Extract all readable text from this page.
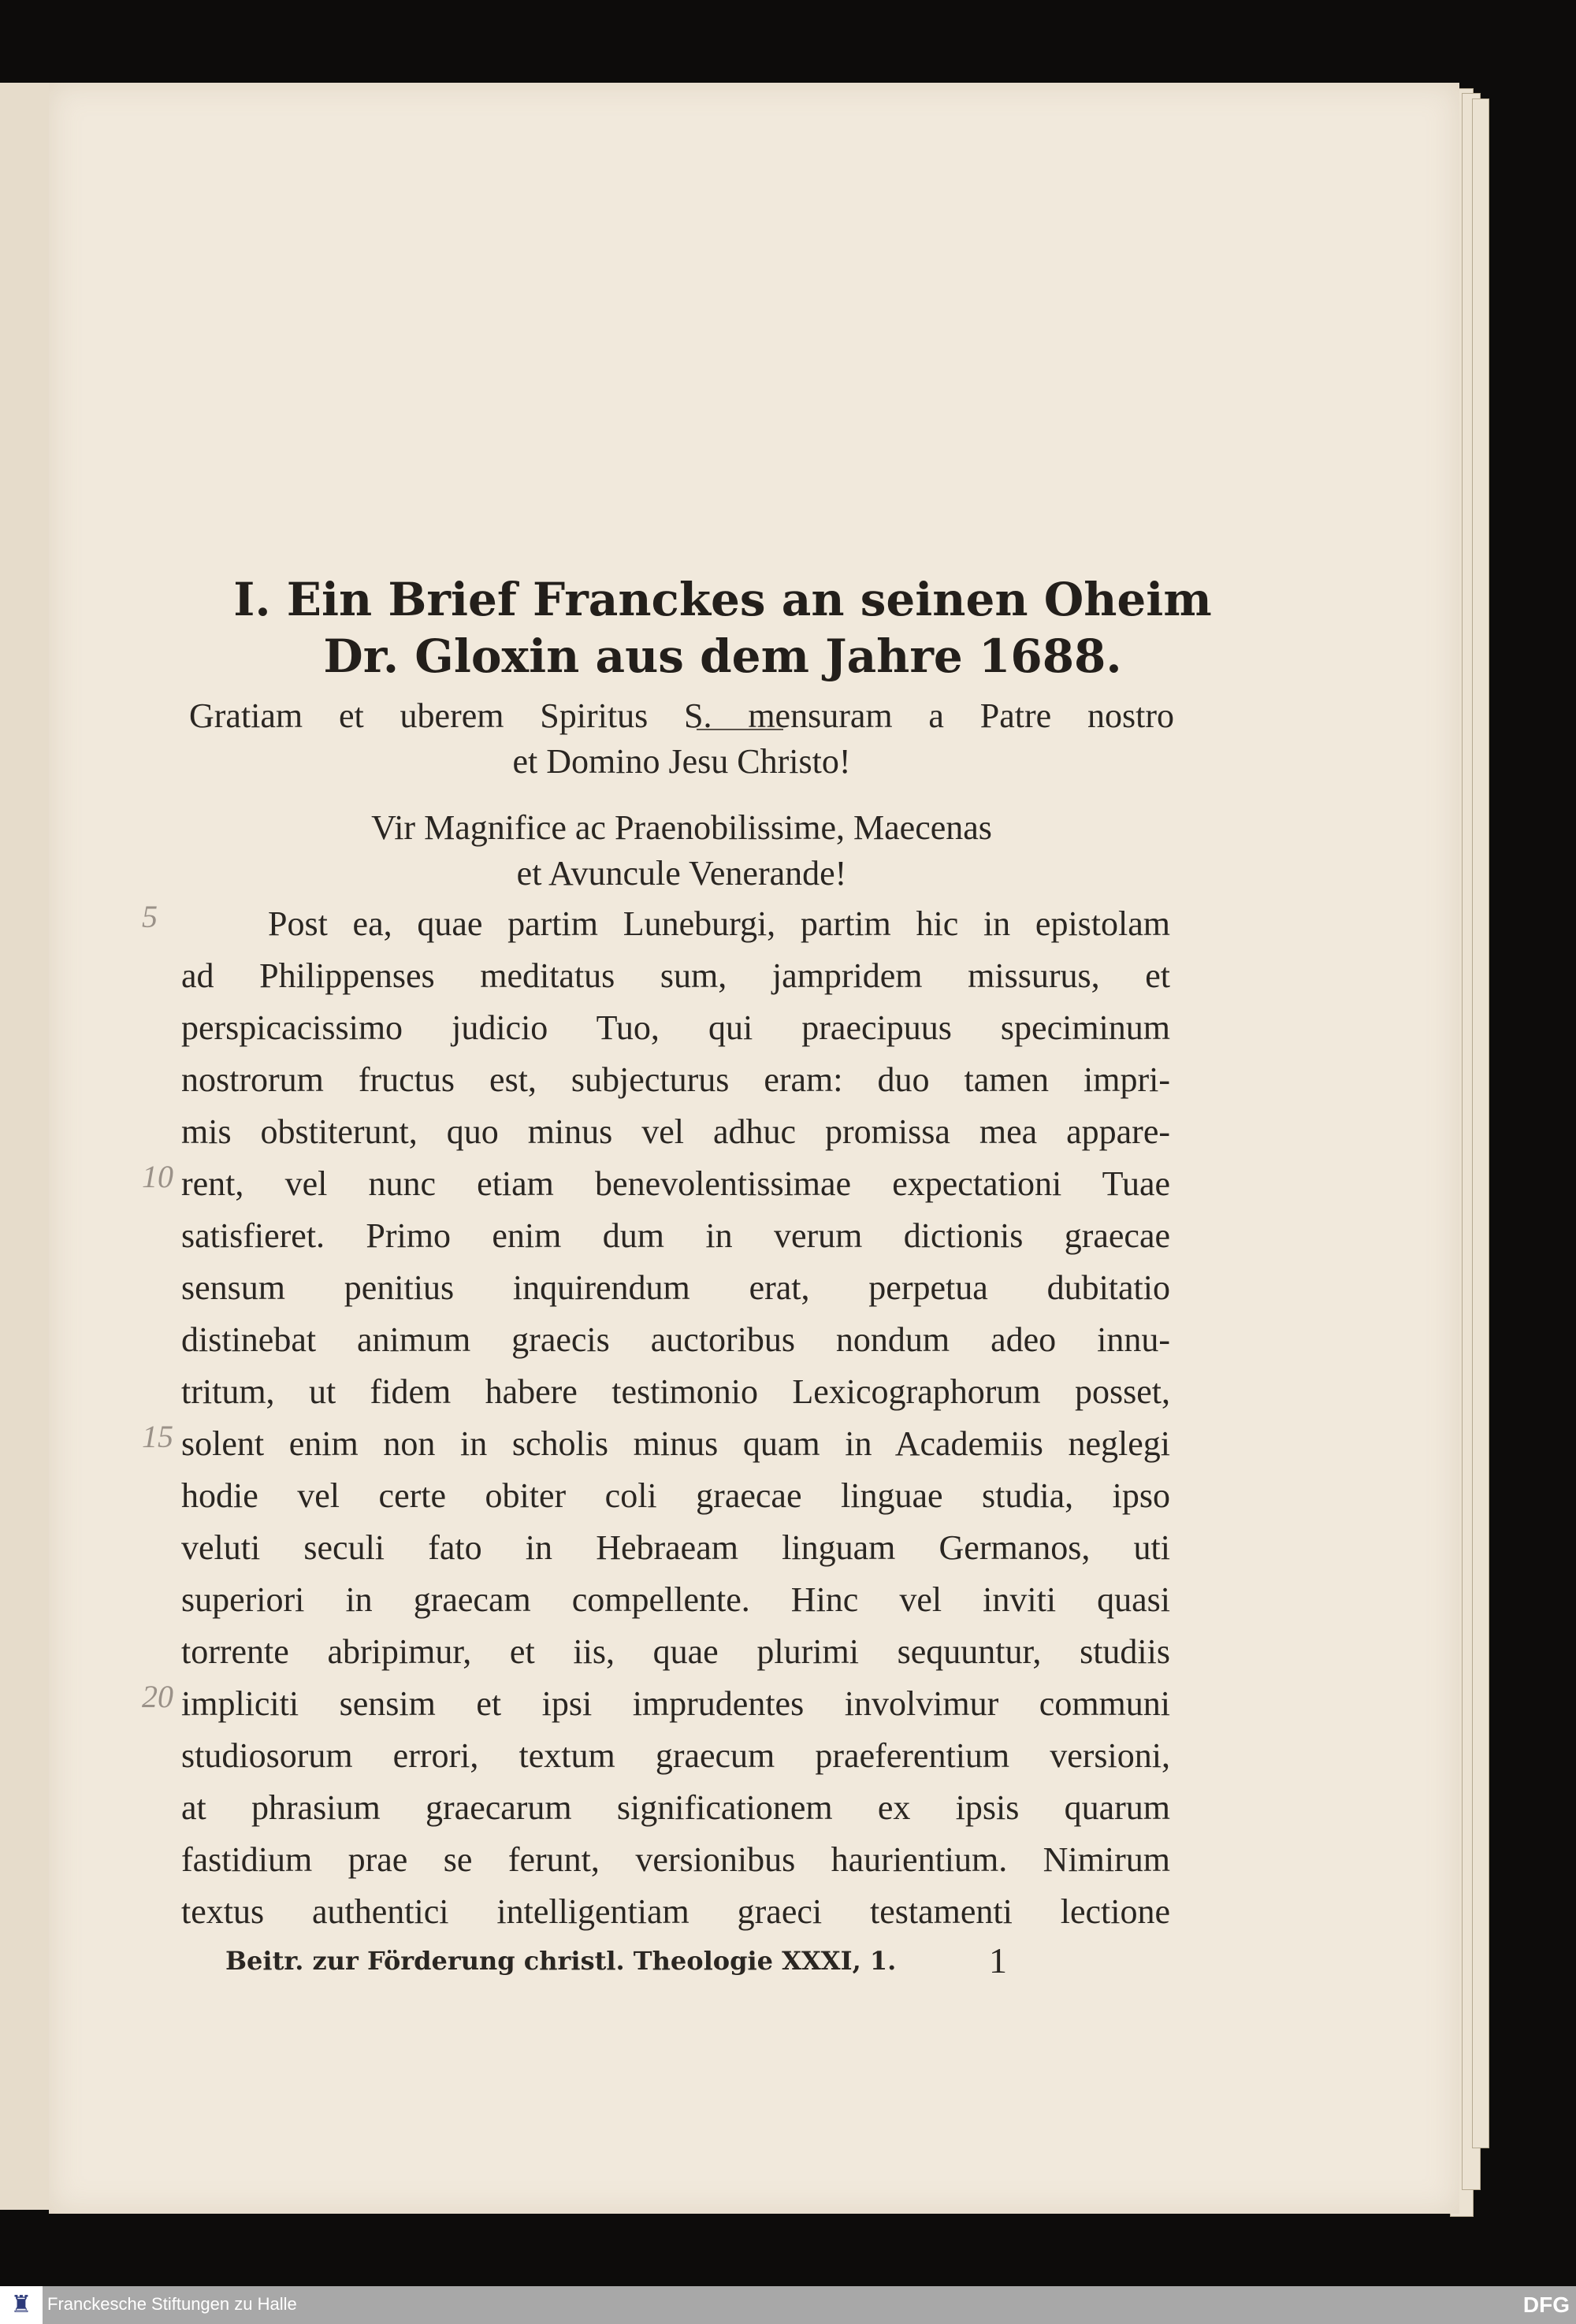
I. Ein Brief Franckes an seinen Oheim
Dr. Gloxin aus dem Jahre 1688.
Gratiam et uberem Spiritus S. mensuram a Patre nostro
et Domino Jesu Christo!
Vir Magnifice ac Praenobilissime, Maecenas
et Avuncule Venerande!
5
10
15
20
Post ea, quae partim Luneburgi, partim hic in epistolam
ad Philippenses meditatus sum, jampridem missurus, et
perspicacissimo judicio Tuo, qui praecipuus speciminum
nostrorum fructus est, subjecturus eram: duo tamen impri-
mis obstiterunt, quo minus vel adhuc promissa mea appare-
rent, vel nunc etiam benevolentissimae expectationi Tuae
satisfieret. Primo enim dum in verum dictionis graecae
sensum penitius inquirendum erat, perpetua dubitatio
distinebat animum graecis auctoribus nondum adeo innu-
tritum, ut fidem habere testimonio Lexicographorum posset,
solent enim non in scholis minus quam in Academiis neglegi
hodie vel certe obiter coli graecae linguae studia, ipso
veluti seculi fato in Hebraeam linguam Germanos, uti
superiori in graecam compellente. Hinc vel inviti quasi
torrente abripimur, et iis, quae plurimi sequuntur, studiis
impliciti sensim et ipsi imprudentes involvimur communi
studiosorum errori, textum graecum praeferentium versioni,
at phrasium graecarum significationem ex ipsis quarum
fastidium prae se ferunt, versionibus haurientium. Nimirum
textus authentici intelligentiam graeci testamenti lectione
Beitr. zur Förderung christl. Theologie XXXI, 1.	1
♜ Franckesche Stiftungen zu Halle	DFG
